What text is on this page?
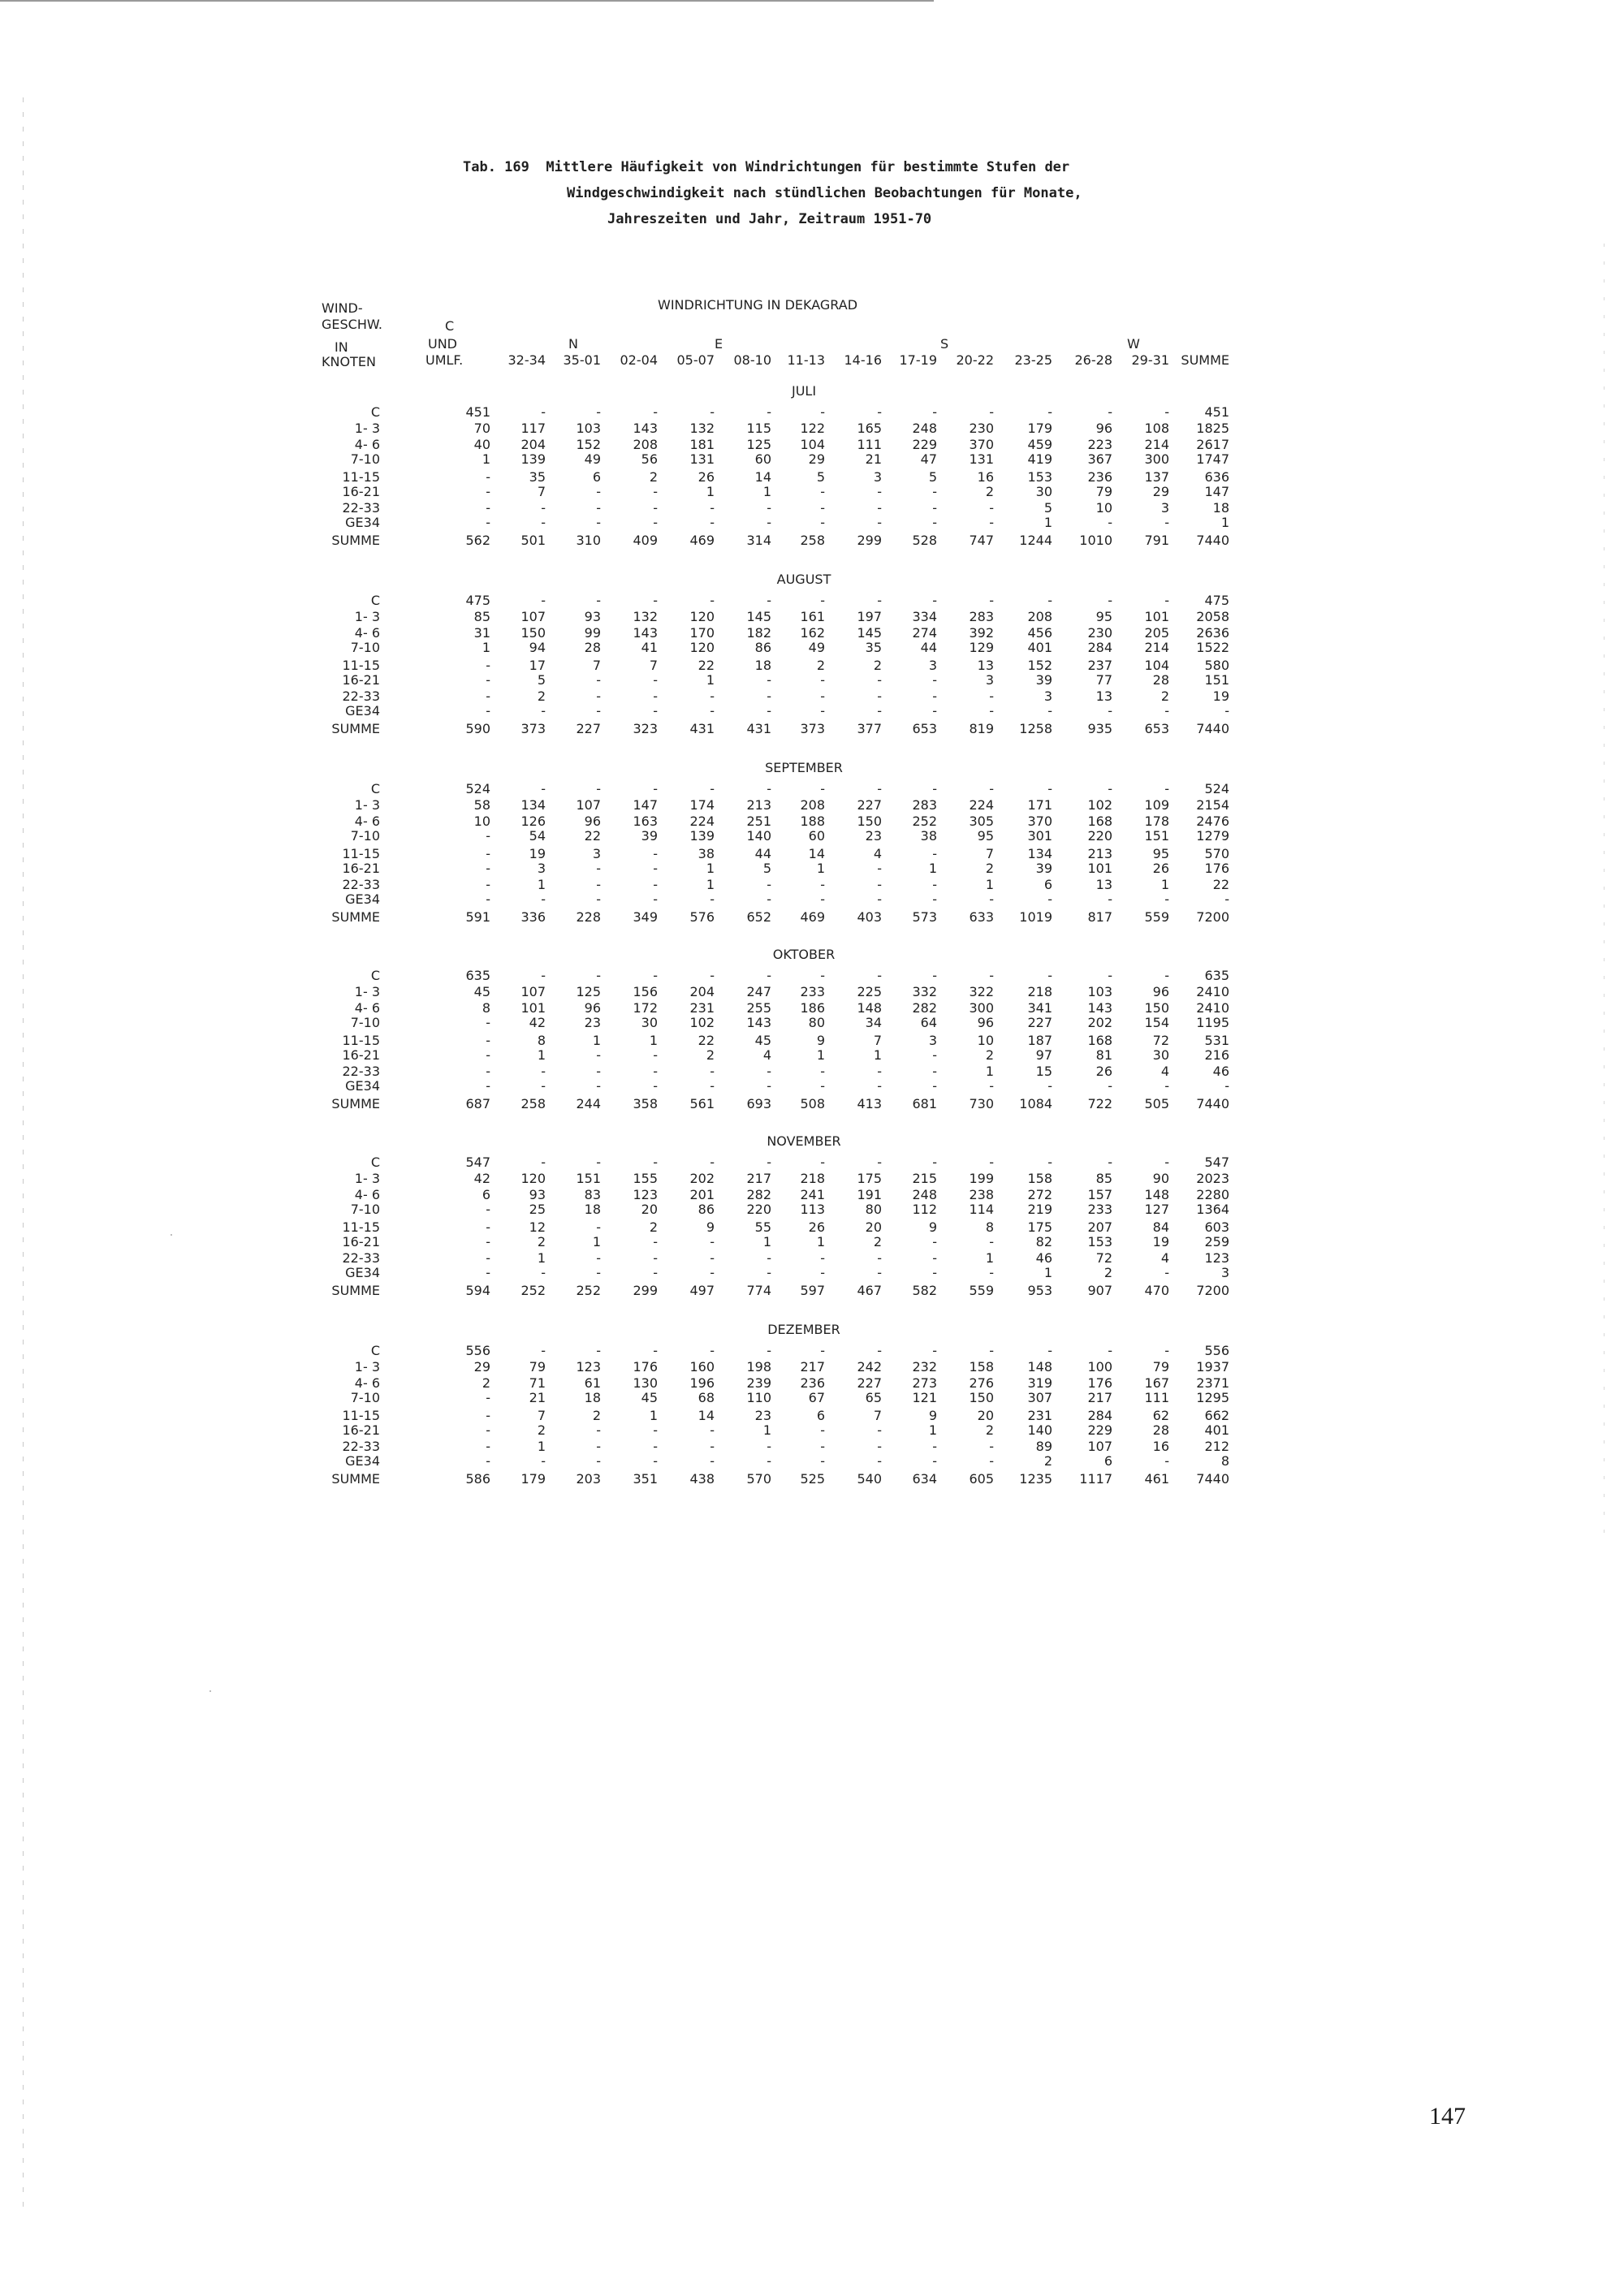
Tab. 169  Mittlere Häufigkeit von Windrichtungen für bestimmte Stufen der
Windgeschwindigkeit nach stündlichen Beobachtungen für Monate,
Jahreszeiten und Jahr, Zeitraum 1951-70
WIND-
GESCHW.
IN
KNOTEN
WINDRICHTUNG IN DEKAGRAD
C
UND
UMLF.
N	E	S	W
32-34	35-01	02-04	05-07	08-10	11-13	14-16	17-19	20-22	23-25	26-28	29-31 SUMME
JULI
C	451	-	-	-	-	-	-	-	-	-	-	-	-	451
1- 3	70	117	103	143	132	115	122	165	248	230	179	96	108	1825
4- 6	40	204	152	208	181	125	104	111	229	370	459	223	214	2617
7-10	1	139	49	56	131	60	29	21	47	131	419	367	300	1747
11-15	-	35	6	2	26	14	5	3	5	16	153	236	137	636
16-21	-	7	-	-	1	1	-	-	-	2	30	79	29	147
22-33	-	-	-	-	-	-	-	-	-	-	5	10	3	18
GE34	-	-	-	-	-	-	-	-	-	-	1	-	-	1
SUMME	562	501	310	409	469	314	258	299	528	747	1244	1010	791	7440
AUGUST
C	475	-	-	-	-	-	-	-	-	-	-	-	-	475
1- 3	85	107	93	132	120	145	161	197	334	283	208	95	101	2058
4- 6	31	150	99	143	170	182	162	145	274	392	456	230	205	2636
7-10	1	94	28	41	120	86	49	35	44	129	401	284	214	1522
11-15	-	17	7	7	22	18	2	2	3	13	152	237	104	580
16-21	-	5	-	-	1	-	-	-	-	3	39	77	28	151
22-33	-	2	-	-	-	-	-	-	-	-	3	13	2	19
GE34	-	-	-	-	-	-	-	-	-	-	-	-	-	-
SUMME	590	373	227	323	431	431	373	377	653	819	1258	935	653	7440
SEPTEMBER
C	524	-	-	-	-	-	-	-	-	-	-	-	-	524
1- 3	58	134	107	147	174	213	208	227	283	224	171	102	109	2154
4- 6	10	126	96	163	224	251	188	150	252	305	370	168	178	2476
7-10	-	54	22	39	139	140	60	23	38	95	301	220	151	1279
11-15	-	19	3	-	38	44	14	4	-	7	134	213	95	570
16-21	-	3	-	-	1	5	1	-	1	2	39	101	26	176
22-33	-	1	-	-	1	-	-	-	-	1	6	13	1	22
GE34	-	-	-	-	-	-	-	-	-	-	-	-	-	-
SUMME	591	336	228	349	576	652	469	403	573	633	1019	817	559	7200
OKTOBER
C	635	-	-	-	-	-	-	-	-	-	-	-	-	635
1- 3	45	107	125	156	204	247	233	225	332	322	218	103	96	2410
4- 6	8	101	96	172	231	255	186	148	282	300	341	143	150	2410
7-10	-	42	23	30	102	143	80	34	64	96	227	202	154	1195
11-15	-	8	1	1	22	45	9	7	3	10	187	168	72	531
16-21	-	1	-	-	2	4	1	1	-	2	97	81	30	216
22-33	-	-	-	-	-	-	-	-	-	1	15	26	4	46
GE34	-	-	-	-	-	-	-	-	-	-	-	-	-	-
SUMME	687	258	244	358	561	693	508	413	681	730	1084	722	505	7440
NOVEMBER
C	547	-	-	-	-	-	-	-	-	-	-	-	-	547
1- 3	42	120	151	155	202	217	218	175	215	199	158	85	90	2023
4- 6	6	93	83	123	201	282	241	191	248	238	272	157	148	2280
7-10	-	25	18	20	86	220	113	80	112	114	219	233	127	1364
11-15	-	12	-	2	9	55	26	20	9	8	175	207	84	603
16-21	-	2	1	-	-	1	1	2	-	-	82	153	19	259
22-33	-	1	-	-	-	-	-	-	-	1	46	72	4	123
GE34	-	-	-	-	-	-	-	-	-	-	1	2	-	3
SUMME	594	252	252	299	497	774	597	467	582	559	953	907	470	7200
DEZEMBER
C	556	-	-	-	-	-	-	-	-	-	-	-	-	556
1- 3	29	79	123	176	160	198	217	242	232	158	148	100	79	1937
4- 6	2	71	61	130	196	239	236	227	273	276	319	176	167	2371
7-10	-	21	18	45	68	110	67	65	121	150	307	217	111	1295
11-15	-	7	2	1	14	23	6	7	9	20	231	284	62	662
16-21	-	2	-	-	-	1	-	-	1	2	140	229	28	401
22-33	-	1	-	-	-	-	-	-	-	-	89	107	16	212
GE34	-	-	-	-	-	-	-	-	-	-	2	6	-	8
SUMME	586	179	203	351	438	570	525	540	634	605	1235	1117	461	7440
147
